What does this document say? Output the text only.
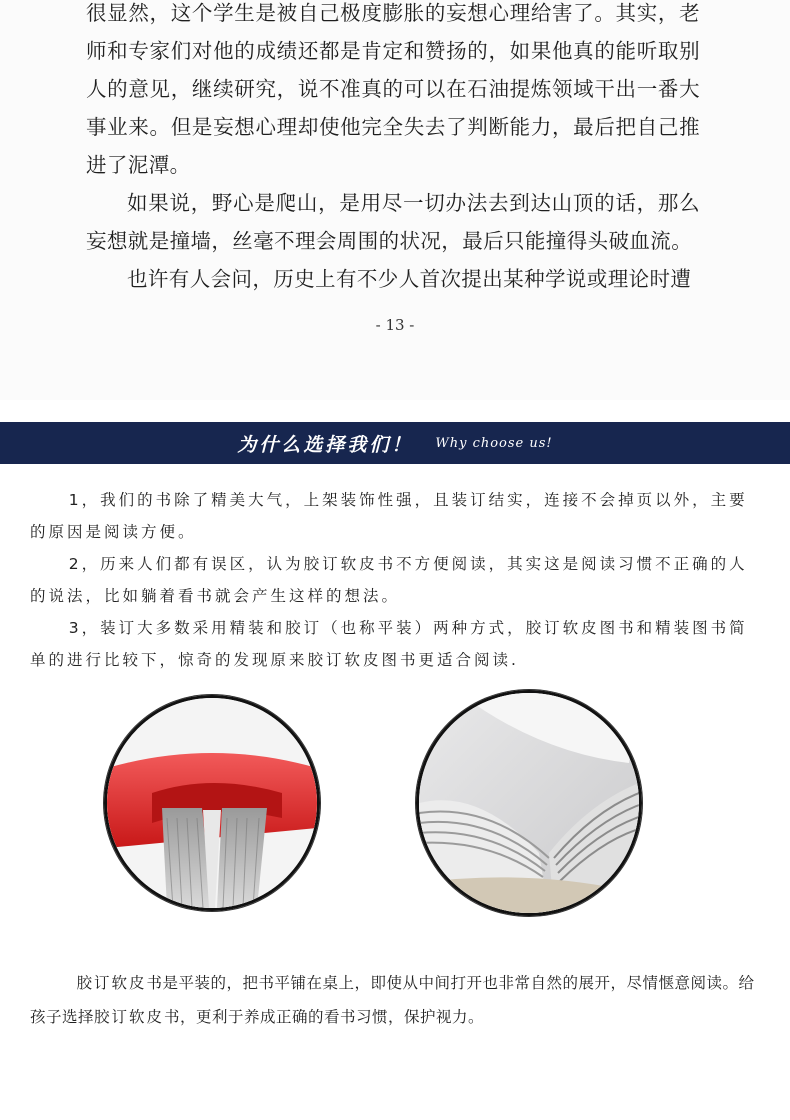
很显然，这个学生是被自己极度膨胀的妄想心理给害了。其实，老师和专家们对他的成绩还都是肯定和赞扬的，如果他真的能听取别人的意见，继续研究，说不准真的可以在石油提炼领域干出一番大事业来。但是妄想心理却使他完全失去了判断能力，最后把自己推进了泥潭。

如果说，野心是爬山，是用尽一切办法去到达山顶的话，那么妄想就是撞墙，丝毫不理会周围的状况，最后只能撞得头破血流。

也许有人会问，历史上有不少人首次提出某种学说或理论时遭

- 13 -
为什么选择我们！ Why choose us!

1，我们的书除了精美大气，上架装饰性强，且装订结实，连接不会掉页以外，主要的原因是阅读方便。

2，历来人们都有误区，认为胶订软皮书不方便阅读，其实这是阅读习惯不正确的人的说法，比如躺着看书就会产生这样的想法。

3，装订大多数采用精装和胶订（也称平装）两种方式，胶订软皮图书和精装图书简单的进行比较下，惊奇的发现原来胶订软皮图书更适合阅读.

胶订软皮书是平装的，把书平铺在桌上，即使从中间打开也非常自然的展开，尽情惬意阅读。给孩子选择胶订软皮书，更利于养成正确的看书习惯，保护视力。
